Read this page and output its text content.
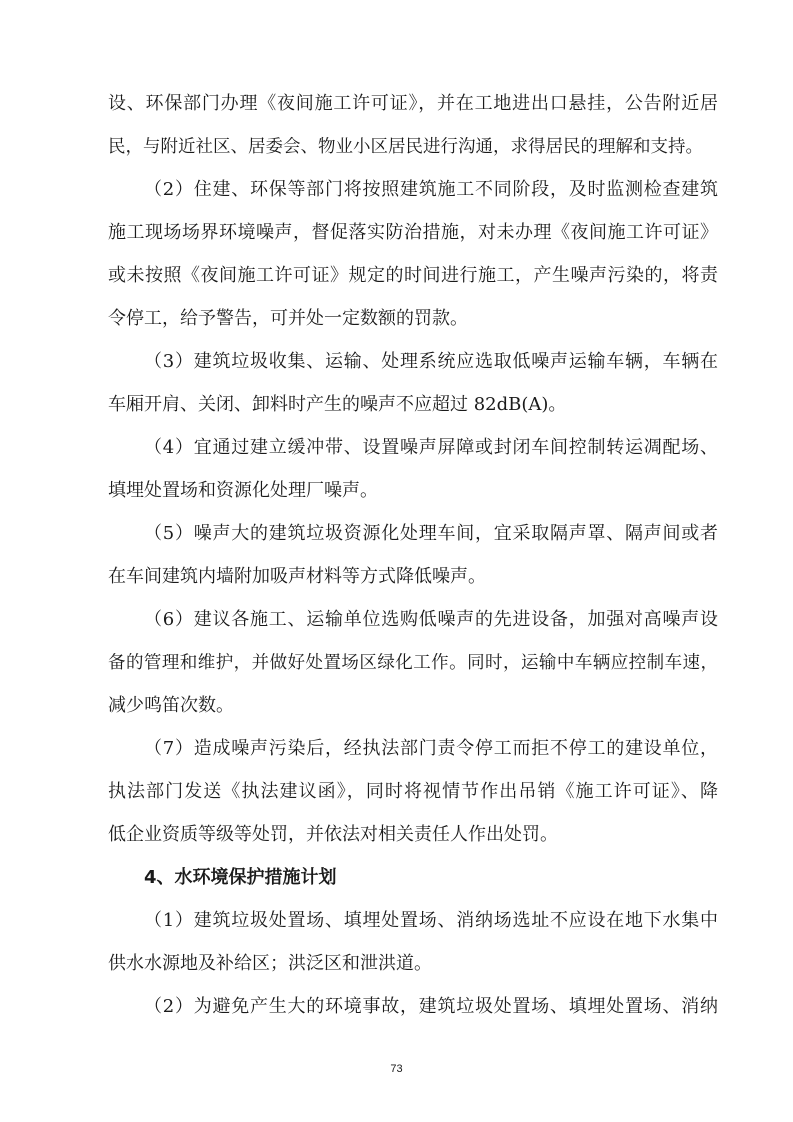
设、环保部门办理《夜间施工许可证》，并在工地进出口悬挂，公告附近居
民，与附近社区、居委会、物业小区居民进行沟通，求得居民的理解和支持。
（2）住建、环保等部门将按照建筑施工不同阶段，及时监测检查建筑
施工现场场界环境噪声，督促落实防治措施，对未办理《夜间施工许可证》
或未按照《夜间施工许可证》规定的时间进行施工，产生噪声污染的，将责
令停工，给予警告，可并处一定数额的罚款。
（3）建筑垃圾收集、运输、处理系统应选取低噪声运输车辆，车辆在
车厢开肩、关闭、卸料时产生的噪声不应超过 82dB(A)。
（4）宜通过建立缓冲带、设置噪声屏障或封闭车间控制转运凋配场、
填埋处置场和资源化处理厂噪声。
（5）噪声大的建筑垃圾资源化处理车间，宜采取隔声罩、隔声间或者
在车间建筑内墙附加吸声材料等方式降低噪声。
（6）建议各施工、运输单位选购低噪声的先进设备，加强对高噪声设
备的管理和维护，并做好处置场区绿化工作。同时，运输中车辆应控制车速，
减少鸣笛次数。
（7）造成噪声污染后，经执法部门责令停工而拒不停工的建设单位，
执法部门发送《执法建议函》，同时将视情节作出吊销《施工许可证》、降
低企业资质等级等处罚，并依法对相关责任人作出处罚。
4、水环境保护措施计划
（1）建筑垃圾处置场、填埋处置场、消纳场选址不应设在地下水集中
供水水源地及补给区；洪泛区和泄洪道。
（2）为避免产生大的环境事故，建筑垃圾处置场、填埋处置场、消纳
73
